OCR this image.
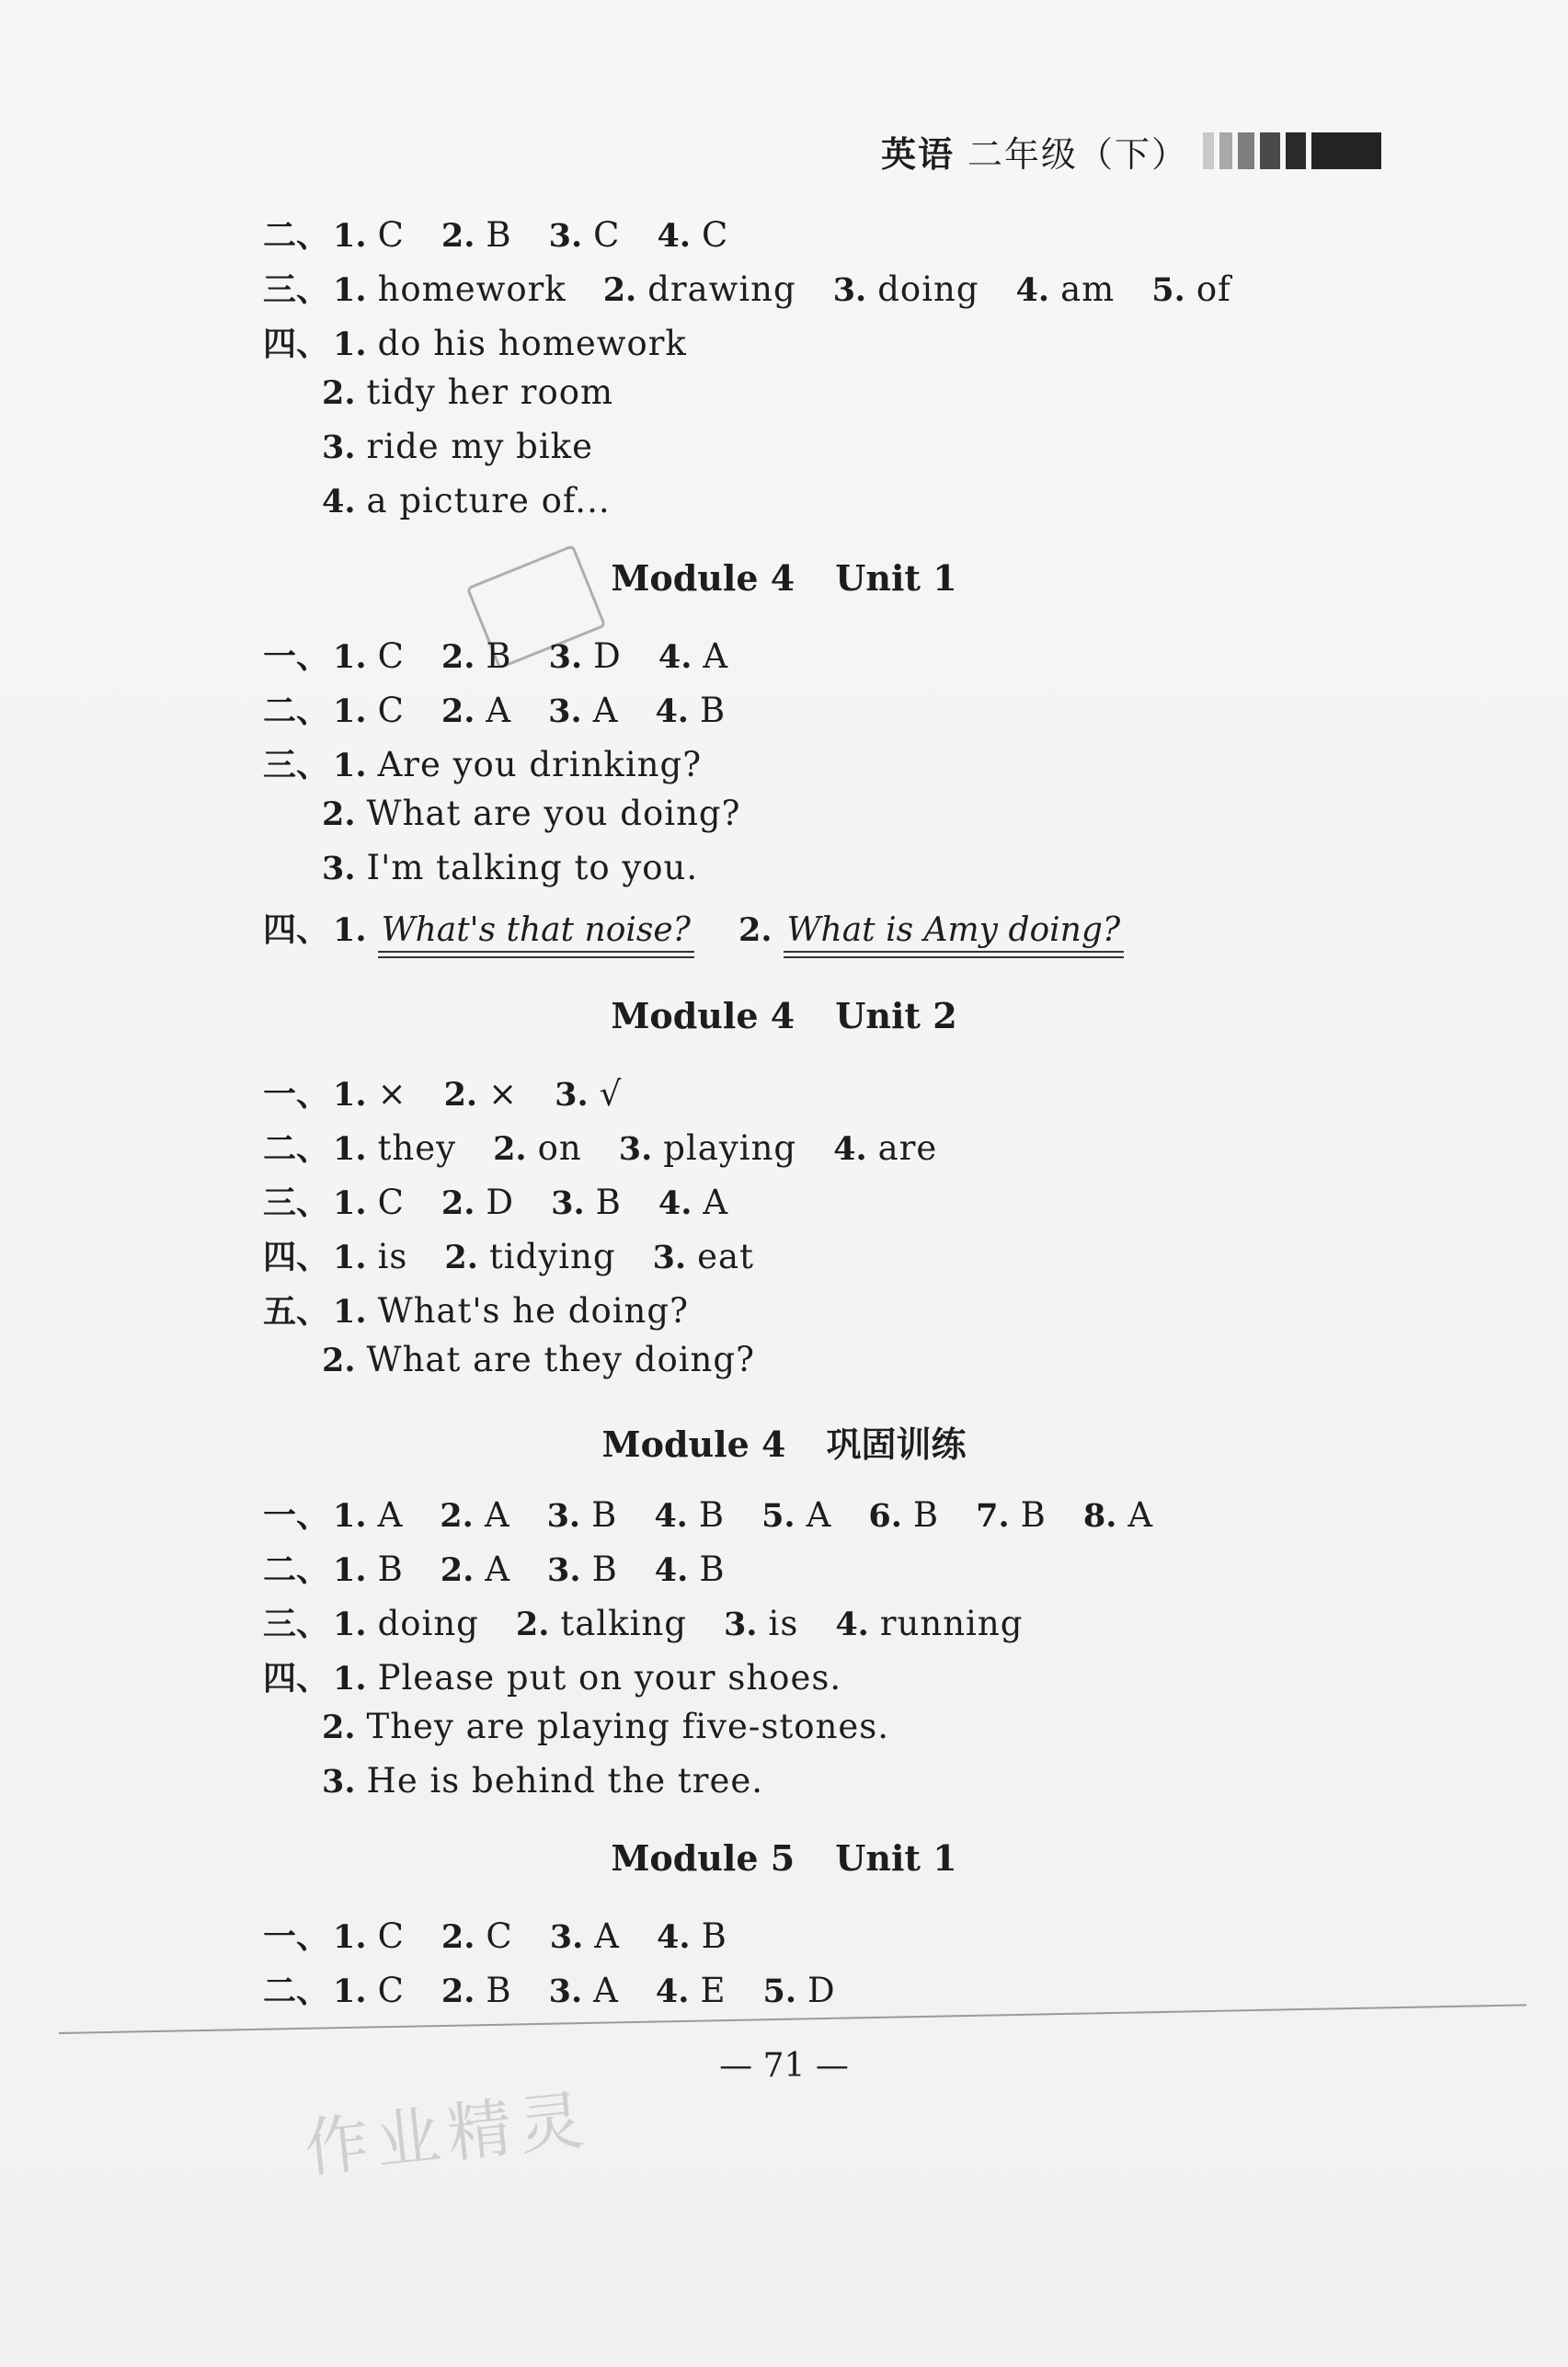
英语 二年级（下）
二、 1. C 2. B 3. C 4. C
三、 1. homework 2. drawing 3. doing 4. am 5. of
四、 1. do his homework
2. tidy her room
3. ride my bike
4. a picture of...
Module 4 Unit 1
一、 1. C 2. B 3. D 4. A
二、 1. C 2. A 3. A 4. B
三、 1. Are you drinking?
2. What are you doing?
3. I'm talking to you.
四、 1. What's that noise? 2. What is Amy doing?
Module 4 Unit 2
一、 1. × 2. × 3. √
二、 1. they 2. on 3. playing 4. are
三、 1. C 2. D 3. B 4. A
四、 1. is 2. tidying 3. eat
五、 1. What's he doing?
2. What are they doing?
Module 4 巩固训练
一、 1. A 2. A 3. B 4. B 5. A 6. B 7. B 8. A
二、 1. B 2. A 3. B 4. B
三、 1. doing 2. talking 3. is 4. running
四、 1. Please put on your shoes.
2. They are playing five-stones.
3. He is behind the tree.
Module 5 Unit 1
一、 1. C 2. C 3. A 4. B
二、 1. C 2. B 3. A 4. E 5. D
— 71 —
作业精灵
